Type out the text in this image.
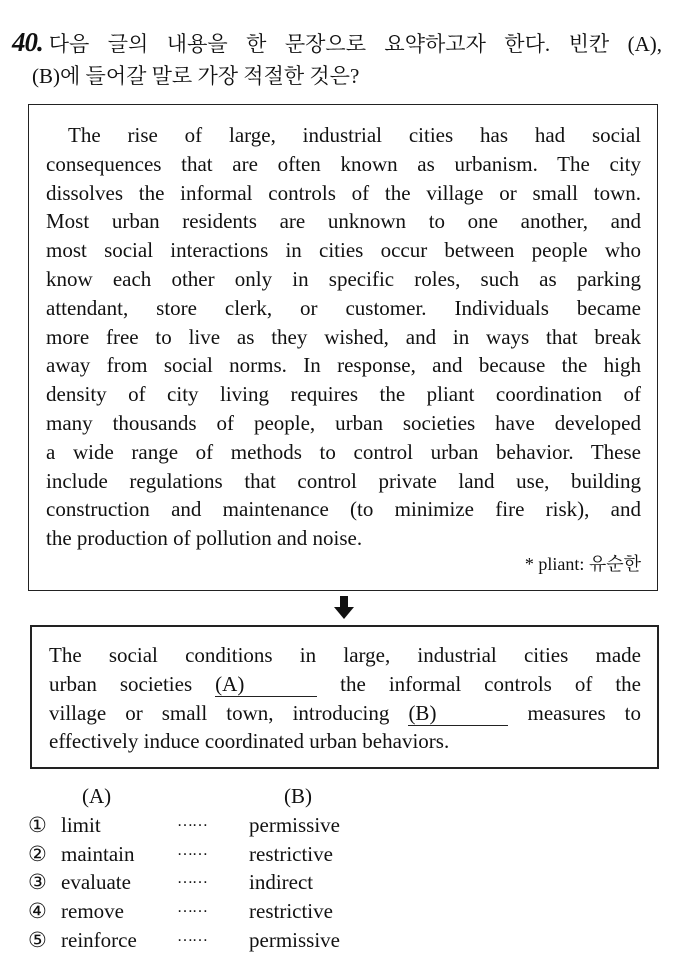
40. 다음 글의 내용을 한 문장으로 요약하고자 한다. 빈칸 (A),
(B)에 들어갈 말로 가장 적절한 것은?
The rise of large, industrial cities has had social
consequences that are often known as urbanism. The city
dissolves the informal controls of the village or small town.
Most urban residents are unknown to one another, and
most social interactions in cities occur between people who
know each other only in specific roles, such as parking
attendant, store clerk, or customer. Individuals became
more free to live as they wished, and in ways that break
away from social norms. In response, and because the high
density of city living requires the pliant coordination of
many thousands of people, urban societies have developed
a wide range of methods to control urban behavior. These
include regulations that control private land use, building
construction and maintenance (to minimize fire risk), and
the production of pollution and noise.
* pliant: 유순한
The social conditions in large, industrial cities made
urban societies (A)	the informal controls of the
village or small town, introducing (B)	measures to
effectively induce coordinated urban behaviors.
(A)	(B)
① limit	…… permissive
② maintain	…… restrictive
③ evaluate	…… indirect
④ remove	…… restrictive
⑤ reinforce	…… permissive
